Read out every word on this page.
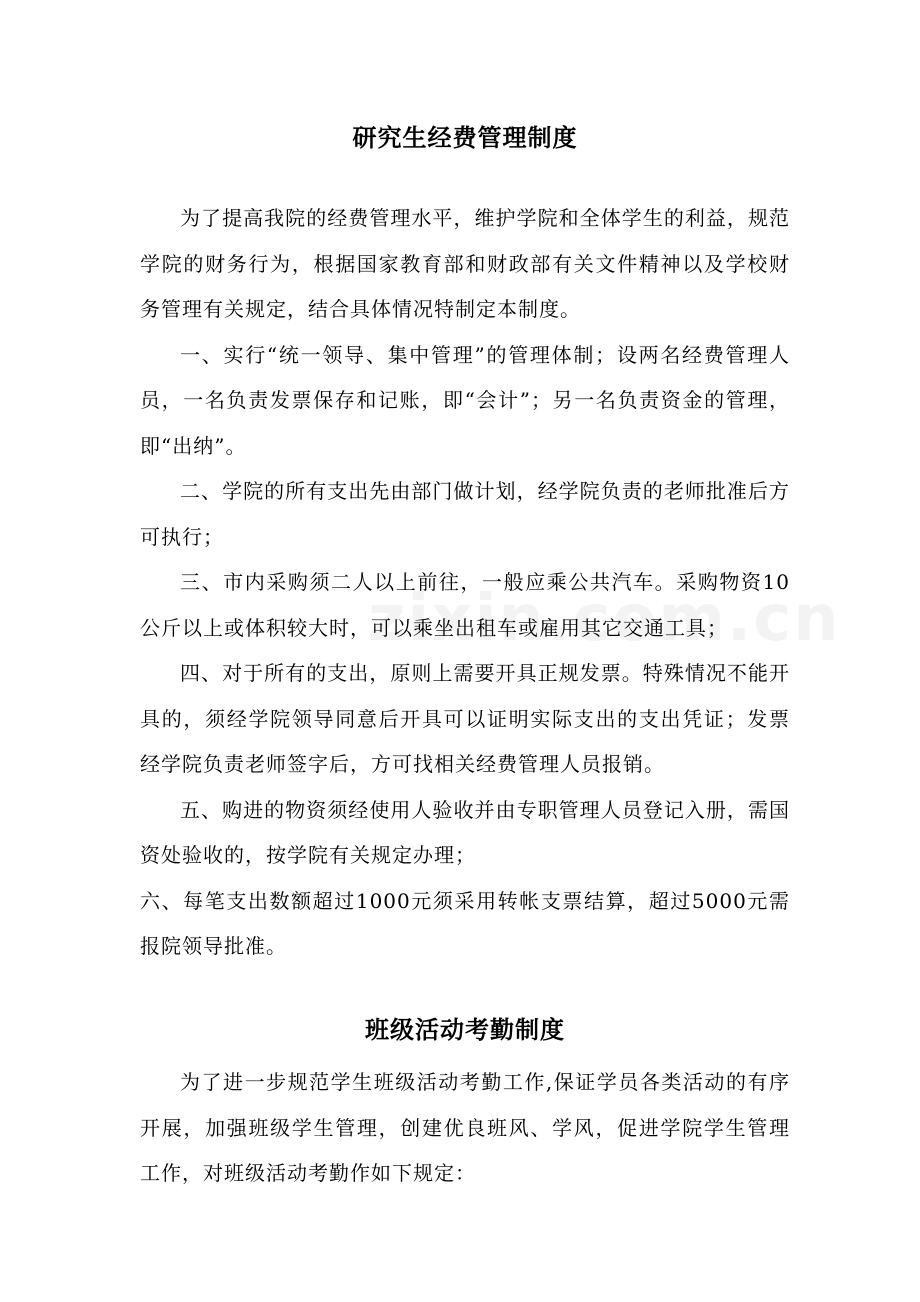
研究生经费管理制度

为了提高我院的经费管理水平，维护学院和全体学生的利益，规范学院的财务行为，根据国家教育部和财政部有关文件精神以及学校财务管理有关规定，结合具体情况特制定本制度。

一、实行“统一领导、集中管理”的管理体制；设两名经费管理人员，一名负责发票保存和记账，即“会计”；另一名负责资金的管理，即“出纳”。

二、学院的所有支出先由部门做计划，经学院负责的老师批准后方可执行；

三、市内采购须二人以上前往，一般应乘公共汽车。采购物资10公斤以上或体积较大时，可以乘坐出租车或雇用其它交通工具；

四、对于所有的支出，原则上需要开具正规发票。特殊情况不能开具的，须经学院领导同意后开具可以证明实际支出的支出凭证；发票经学院负责老师签字后，方可找相关经费管理人员报销。

五、购进的物资须经使用人验收并由专职管理人员登记入册，需国资处验收的，按学院有关规定办理；

六、每笔支出数额超过1000元须采用转帐支票结算，超过5000元需报院领导批准。

班级活动考勤制度

为了进一步规范学生班级活动考勤工作,保证学员各类活动的有序开展，加强班级学生管理，创建优良班风、学风，促进学院学生管理工作，对班级活动考勤作如下规定：
